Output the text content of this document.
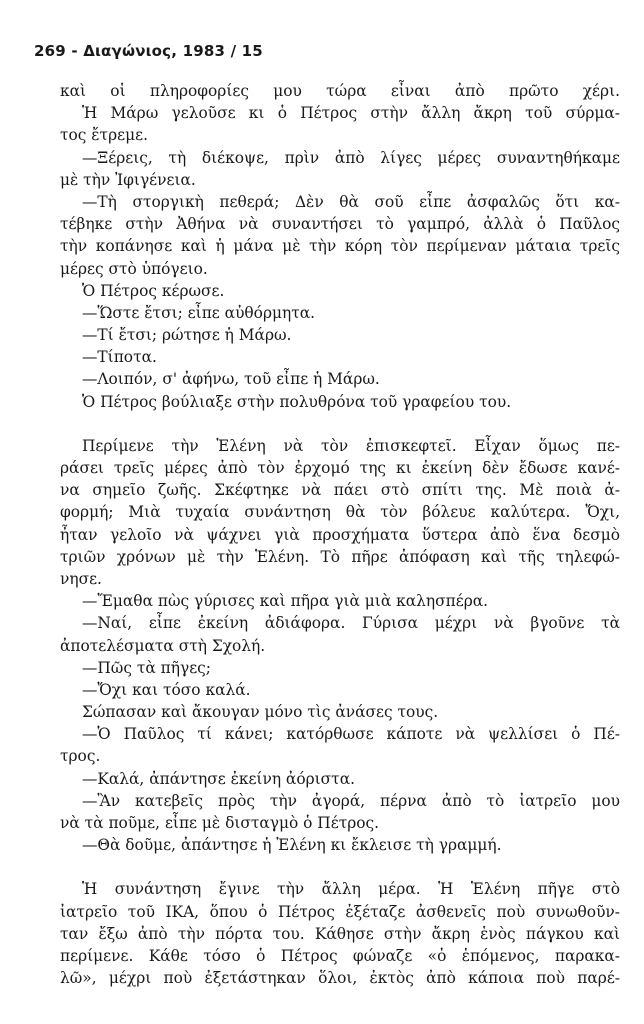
269 - Διαγώνιος, 1983 / 15
καὶ οἱ πληροφορίες μου τώρα εἶναι ἀπὸ πρῶτο χέρι.
Ἡ Μάρω γελοῦσε κι ὁ Πέτρος στὴν ἄλλη ἄκρη τοῦ σύρμα-
τος ἔτρεμε.
—Ξέρεις, τὴ διέκοψε, πρὶν ἀπὸ λίγες μέρες συναντηθήκαμε
μὲ τὴν Ἰφιγένεια.
—Τὴ στοργικὴ πεθερά; Δὲν θὰ σοῦ εἶπε ἀσφαλῶς ὅτι κα-
τέβηκε στὴν Ἀθήνα νὰ συναντήσει τὸ γαμπρό, ἀλλὰ ὁ Παῦλος
τὴν κοπάνησε καὶ ἡ μάνα μὲ τὴν κόρη τὸν περίμεναν μάταια τρεῖς
μέρες στὸ ὑπόγειο.
Ὁ Πέτρος κέρωσε.
—Ὥστε ἔτσι; εἶπε αὐθόρμητα.
—Τί ἔτσι; ρώτησε ἡ Μάρω.
—Τίποτα.
—Λοιπόν, σ' ἀφήνω, τοῦ εἶπε ἡ Μάρω.
Ὁ Πέτρος βούλιαξε στὴν πολυθρόνα τοῦ γραφείου του.
Περίμενε τὴν Ἑλένη νὰ τὸν ἐπισκεφτεῖ. Εἶχαν ὅμως πε-
ράσει τρεῖς μέρες ἀπὸ τὸν ἐρχομό της κι ἐκείνη δὲν ἔδωσε κανέ-
να σημεῖο ζωῆς. Σκέφτηκε νὰ πάει στὸ σπίτι της. Μὲ ποιὰ ἀ-
φορμή; Μιὰ τυχαία συνάντηση θὰ τὸν βόλευε καλύτερα. Ὄχι,
ἦταν γελοῖο νὰ ψάχνει γιὰ προσχήματα ὕστερα ἀπὸ ἕνα δεσμὸ
τριῶν χρόνων μὲ τὴν Ἑλένη. Τὸ πῆρε ἀπόφαση καὶ τῆς τηλεφώ-
νησε.
—Ἔμαθα πὼς γύρισες καὶ πῆρα γιὰ μιὰ καλησπέρα.
—Ναί, εἶπε ἐκείνη ἀδιάφορα. Γύρισα μέχρι νὰ βγοῦνε τὰ
ἀποτελέσματα στὴ Σχολή.
—Πῶς τὰ πῆγες;
—Ὄχι και τόσο καλά.
Σώπασαν καὶ ἄκουγαν μόνο τὶς ἀνάσες τους.
—Ὁ Παῦλος τί κάνει; κατόρθωσε κάποτε νὰ ψελλίσει ὁ Πέ-
τρος.
—Καλά, ἀπάντησε ἐκείνη ἀόριστα.
—Ἂν κατεβεῖς πρὸς τὴν ἀγορά, πέρνα ἀπὸ τὸ ἰατρεῖο μου
νὰ τὰ ποῦμε, εἶπε μὲ δισταγμὸ ὁ Πέτρος.
—Θὰ δοῦμε, ἀπάντησε ἡ Ἑλένη κι ἔκλεισε τὴ γραμμή.
Ἡ συνάντηση ἔγινε τὴν ἄλλη μέρα. Ἡ Ἑλένη πῆγε στὸ
ἰατρεῖο τοῦ ΙΚΑ, ὅπου ὁ Πέτρος ἐξέταζε ἀσθενεῖς ποὺ συνωθοῦν-
ταν ἔξω ἀπὸ τὴν πόρτα του. Κάθησε στὴν ἄκρη ἑνὸς πάγκου καὶ
περίμενε. Κάθε τόσο ὁ Πέτρος φώναζε «ὁ ἑπόμενος, παρακα-
λῶ», μέχρι ποὺ ἐξετάστηκαν ὅλοι, ἐκτὸς ἀπὸ κάποια ποὺ παρέ-
